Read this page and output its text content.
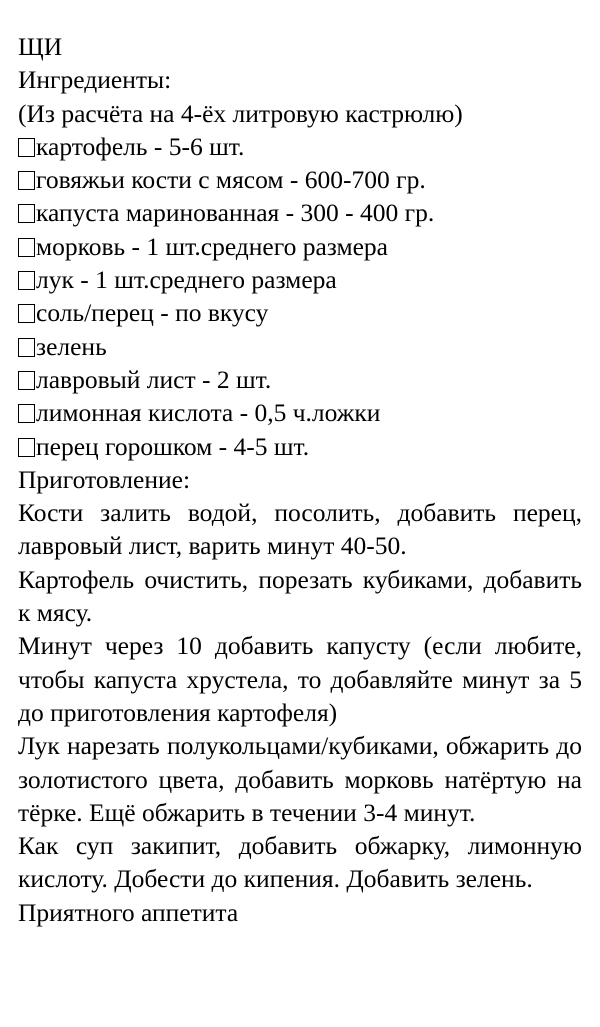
ЩИ

Ингредиенты:

(Из расчёта на 4-ёх литровую кастрюлю)

картофель - 5-6 шт.

говяжьи кости с мясом - 600-700 гр.

капуста маринованная - 300 - 400 гр.

морковь - 1 шт.среднего размера

лук - 1 шт.среднего размера

соль/перец - по вкусу

зелень

лавровый лист - 2 шт.

лимонная кислота - 0,5 ч.ложки

перец горошком - 4-5 шт.

Приготовление:

Кости залить водой, посолить, добавить перец, лавровый лист, варить минут 40-50.

Картофель очистить, порезать кубиками, добавить к мясу.

Минут через 10 добавить капусту (если любите, чтобы капуста хрустела, то добавляйте минут за 5 до приготовления картофеля)

Лук нарезать полукольцами/кубиками, обжарить до золотистого цвета, добавить морковь натёртую на тёрке. Ещё обжарить в течении 3-4 минут.

Как суп закипит, добавить обжарку, лимонную кислоту. Добести до кипения. Добавить зелень.

Приятного аппетита
